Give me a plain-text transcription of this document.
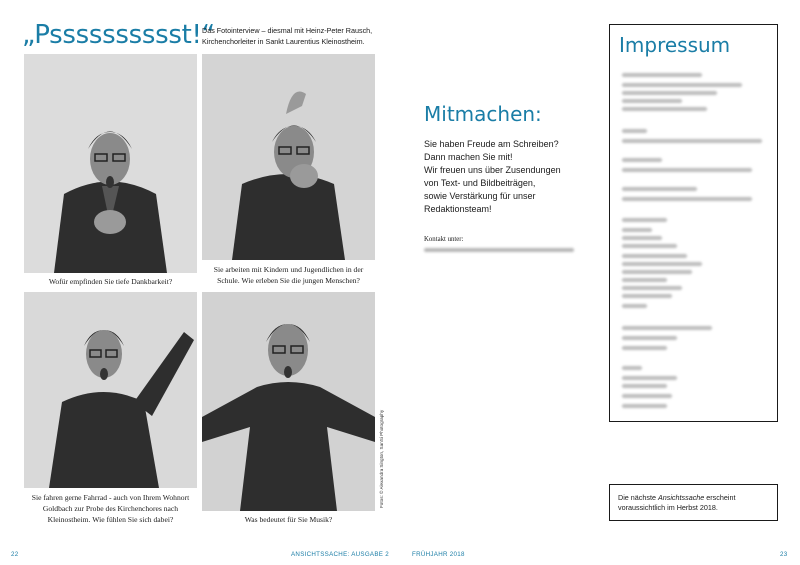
„Psssssssssst!“
Das Fotointerview – diesmal mit Heinz-Peter Rausch, Kirchenchorleiter in Sankt Laurentius Kleinostheim.
Wofür empfinden Sie tiefe Dankbarkeit?
Sie arbeiten mit Kindern und Jugendlichen in der Schule. Wie erleben Sie die jungen Menschen?
Sie fahren gerne Fahrrad - auch von Ihrem Wohnort Goldbach zur Probe des Kirchenchores nach Kleinostheim. Wie fühlen Sie sich dabei?	Was bedeutet für Sie Musik?
Fotos: © Alexandra Sington, SanSi Photography
Mitmachen:
Sie haben Freude am Schreiben?
Dann machen Sie mit!
Wir freuen uns über Zusendungen
von Text- und Bildbeiträgen,
sowie Verstärkung für unser
Redaktionsteam!
Kontakt unter:
Impressum
Die nächste Ansichtssache erscheint
voraussichtlich im Herbst 2018.
22	ANSICHTSSACHE: AUSGABE 2	FRÜHJAHR 2018	23
